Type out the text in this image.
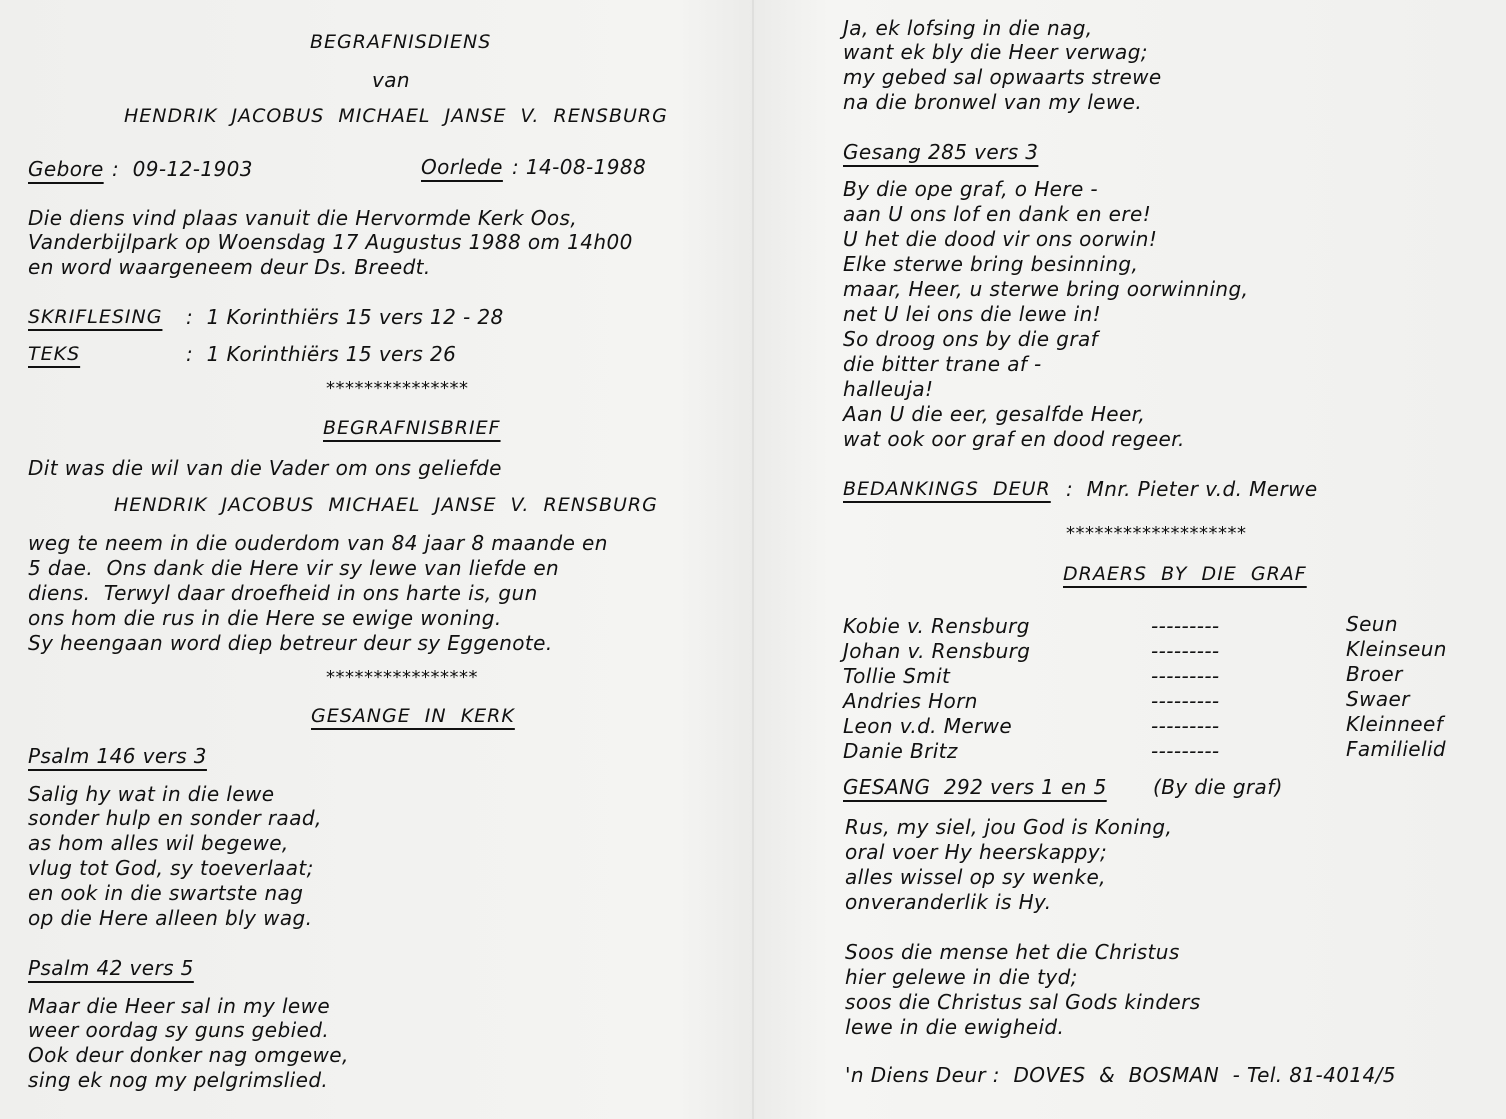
BEGRAFNISDIENS
van
HENDRIK  JACOBUS  MICHAEL  JANSE  V.  RENSBURG
Gebore :  09-12-1903	Oorlede : 14-08-1988
Die diens vind plaas vanuit die Hervormde Kerk Oos,
Vanderbijlpark op Woensdag 17 Augustus 1988 om 14h00
en word waargeneem deur Ds. Breedt.
SKRIFLESING :  1 Korinthiërs 15 vers 12 - 28
TEKS	:  1 Korinthiërs 15 vers 26
***************
BEGRAFNISBRIEF
Dit was die wil van die Vader om ons geliefde
HENDRIK  JACOBUS  MICHAEL  JANSE  V.  RENSBURG
weg te neem in die ouderdom van 84 jaar 8 maande en
5 dae.  Ons dank die Here vir sy lewe van liefde en
diens.  Terwyl daar droefheid in ons harte is, gun
ons hom die rus in die Here se ewige woning.
Sy heengaan word diep betreur deur sy Eggenote.
****************
GESANGE  IN  KERK
Psalm 146 vers 3
Salig hy wat in die lewe
sonder hulp en sonder raad,
as hom alles wil begewe,
vlug tot God, sy toeverlaat;
en ook in die swartste nag
op die Here alleen bly wag.
Psalm 42 vers 5
Maar die Heer sal in my lewe
weer oordag sy guns gebied.
Ook deur donker nag omgewe,
sing ek nog my pelgrimslied.
Ja, ek lofsing in die nag,
want ek bly die Heer verwag;
my gebed sal opwaarts strewe
na die bronwel van my lewe.
Gesang 285 vers 3
By die ope graf, o Here -
aan U ons lof en dank en ere!
U het die dood vir ons oorwin!
Elke sterwe bring besinning,
maar, Heer, u sterwe bring oorwinning,
net U lei ons die lewe in!
So droog ons by die graf
die bitter trane af -
halleuja!
Aan U die eer, gesalfde Heer,
wat ook oor graf en dood regeer.
BEDANKINGS  DEUR :  Mnr. Pieter v.d. Merwe
*******************
DRAERS  BY  DIE  GRAF
Kobie v. Rensburg	---------	Seun
Johan v. Rensburg	---------	Kleinseun
Tollie Smit	---------	Broer
Andries Horn	---------	Swaer
Leon v.d. Merwe	---------	Kleinneef
Danie Britz	---------	Familielid
GESANG  292 vers 1 en 5 (By die graf)
Rus, my siel, jou God is Koning,
oral voer Hy heerskappy;
alles wissel op sy wenke,
onveranderlik is Hy.
Soos die mense het die Christus
hier gelewe in die tyd;
soos die Christus sal Gods kinders
lewe in die ewigheid.
'n Diens Deur :  DOVES  &  BOSMAN  - Tel. 81-4014/5
